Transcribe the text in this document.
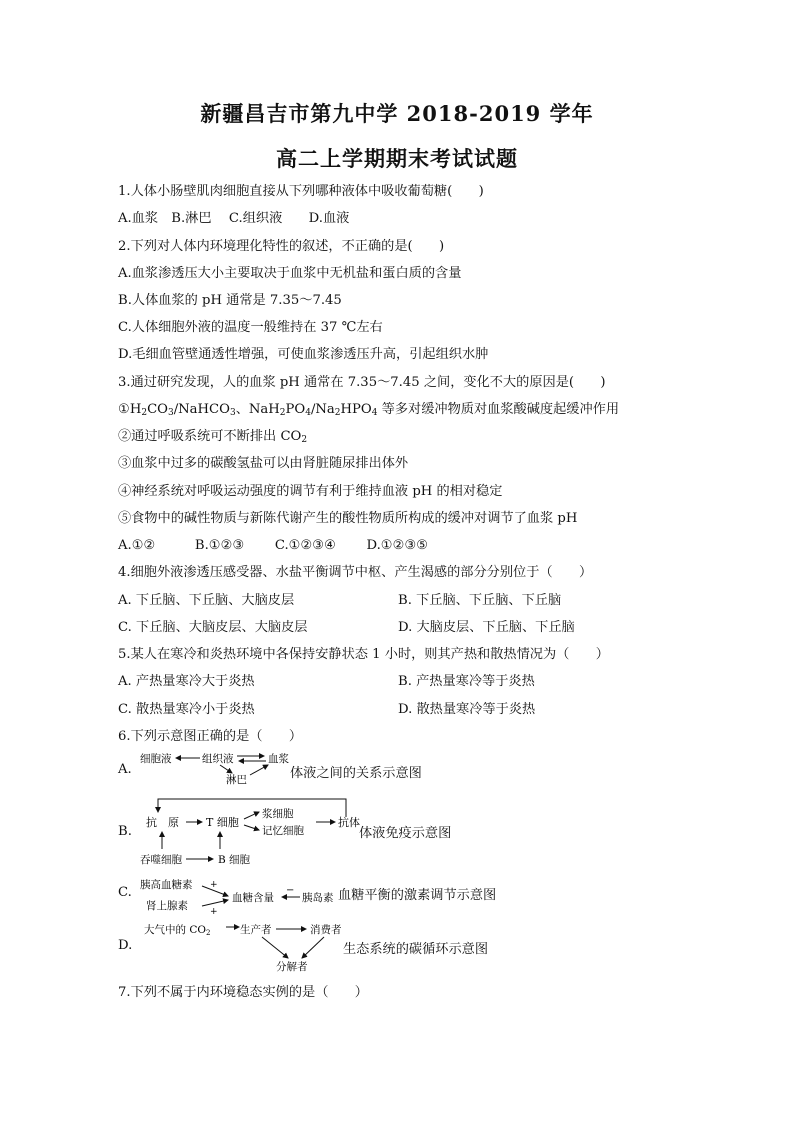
新疆昌吉市第九中学 2018-2019 学年
高二上学期期末考试试题
1.人体小肠壁肌肉细胞直接从下列哪种液体中吸收葡萄糖(　　)
A.血浆　B.淋巴　 C.组织液　　D.血液
2.下列对人体内环境理化特性的叙述，不正确的是(　　)
A.血浆渗透压大小主要取决于血浆中无机盐和蛋白质的含量
B.人体血浆的 pH 通常是 7.35～7.45
C.人体细胞外液的温度一般维持在 37 ℃左右
D.毛细血管壁通透性增强，可使血浆渗透压升高，引起组织水肿
3.通过研究发现，人的血浆 pH 通常在 7.35～7.45 之间，变化不大的原因是(　　)
$①H_2CO_3/NaHCO_3$、$NaH_2PO_4/Na_2HPO_4$ 等多对缓冲物质对血浆酸碱度起缓冲作用
②通过呼吸系统可不断排出 $CO_2$
③血浆中过多的碳酸氢盐可以由肾脏随尿排出体外
④神经系统对呼吸运动强度的调节有利于维持血液 pH 的相对稳定
⑤食物中的碱性物质与新陈代谢产生的酸性物质所构成的缓冲对调节了血浆 pH
A.①②　　　B.①②③　　 C.①②③④　　 D.①②③⑤
4.细胞外液渗透压感受器、水盐平衡调节中枢、产生渴感的部分分别位于（　　）
A. 下丘脑、下丘脑、大脑皮层	B. 下丘脑、下丘脑、下丘脑
C. 下丘脑、大脑皮层、大脑皮层	D. 大脑皮层、下丘脑、下丘脑
5.某人在寒冷和炎热环境中各保持安静状态 1 小时，则其产热和散热情况为（　　）
A. 产热量寒冷大于炎热	B. 产热量寒冷等于炎热
C. 散热量寒冷小于炎热	D. 散热量寒冷等于炎热
6.下列示意图正确的是（　　）
A.
细胞液	组织液	血浆
淋巴	体液之间的关系示意图
B.
抗　原 T 细胞
浆细胞
记忆细胞
抗体
吞噬细胞	B 细胞
体液免疫示意图
C. 胰高血糖素
肾上腺素
血糖含量	胰岛素
+
+
−	血糖平衡的激素调节示意图
D.
大气中的 CO2	生产者	消费者
分解者
生态系统的碳循环示意图
7.下列不属于内环境稳态实例的是（　　）
